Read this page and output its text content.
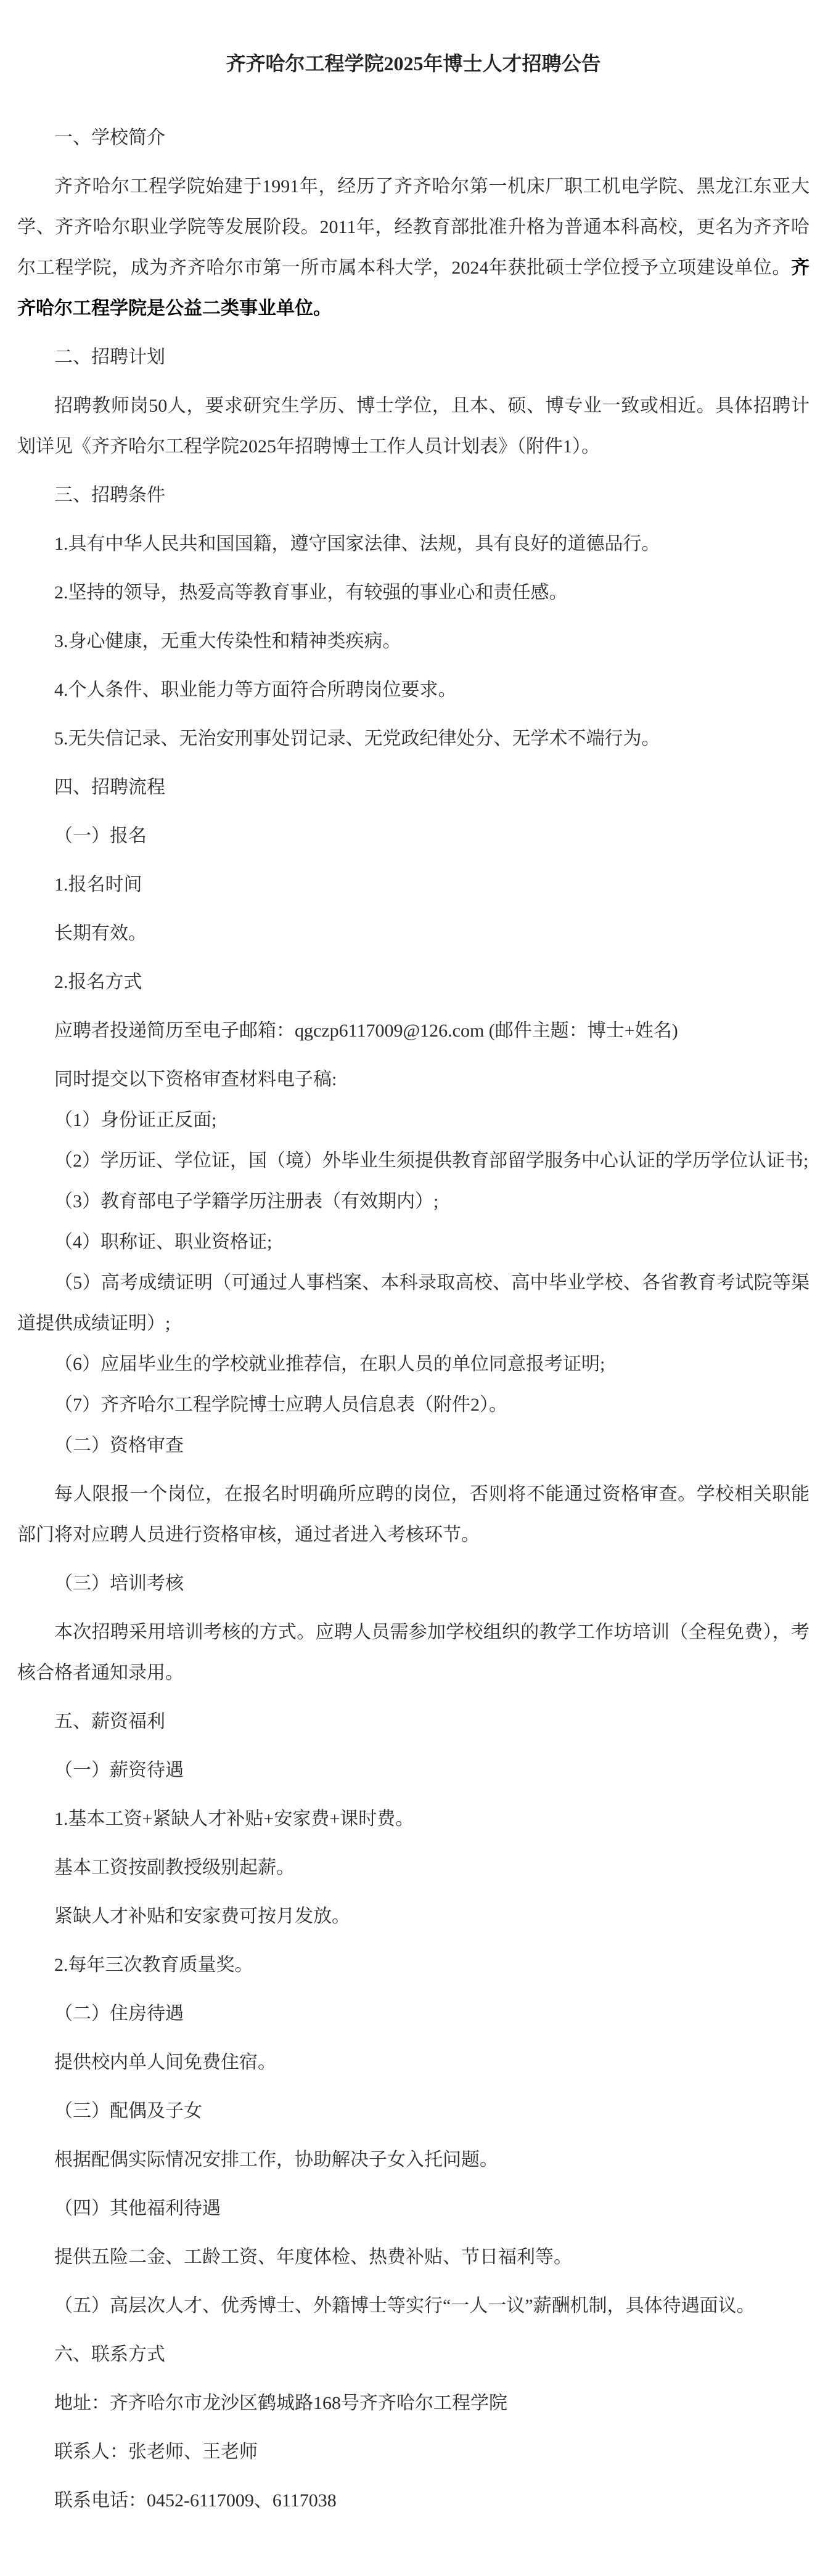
齐齐哈尔工程学院2025年博士人才招聘公告

一、学校简介

齐齐哈尔工程学院始建于1991年，经历了齐齐哈尔第一机床厂职工机电学院、黑龙江东亚大学、齐齐哈尔职业学院等发展阶段。2011年，经教育部批准升格为普通本科高校，更名为齐齐哈尔工程学院，成为齐齐哈尔市第一所市属本科大学，2024年获批硕士学位授予立项建设单位。齐齐哈尔工程学院是公益二类事业单位。

二、招聘计划

招聘教师岗50人，要求研究生学历、博士学位，且本、硕、博专业一致或相近。具体招聘计划详见《齐齐哈尔工程学院2025年招聘博士工作人员计划表》（附件1）。

三、招聘条件

1.具有中华人民共和国国籍，遵守国家法律、法规，具有良好的道德品行。

2.坚持的领导，热爱高等教育事业，有较强的事业心和责任感。

3.身心健康，无重大传染性和精神类疾病。

4.个人条件、职业能力等方面符合所聘岗位要求。

5.无失信记录、无治安刑事处罚记录、无党政纪律处分、无学术不端行为。

四、招聘流程

（一）报名

1.报名时间

长期有效。

2.报名方式

应聘者投递简历至电子邮箱：qgczp6117009@126.com (邮件主题：博士+姓名)

同时提交以下资格审查材料电子稿:

（1）身份证正反面;

（2）学历证、学位证，国（境）外毕业生须提供教育部留学服务中心认证的学历学位认证书;

（3）教育部电子学籍学历注册表（有效期内）;

（4）职称证、职业资格证;

（5）高考成绩证明（可通过人事档案、本科录取高校、高中毕业学校、各省教育考试院等渠道提供成绩证明）;

（6）应届毕业生的学校就业推荐信，在职人员的单位同意报考证明;

（7）齐齐哈尔工程学院博士应聘人员信息表（附件2）。

（二）资格审查

每人限报一个岗位，在报名时明确所应聘的岗位，否则将不能通过资格审查。学校相关职能部门将对应聘人员进行资格审核，通过者进入考核环节。

（三）培训考核

本次招聘采用培训考核的方式。应聘人员需参加学校组织的教学工作坊培训（全程免费），考核合格者通知录用。

五、薪资福利

（一）薪资待遇

1.基本工资+紧缺人才补贴+安家费+课时费。

基本工资按副教授级别起薪。

紧缺人才补贴和安家费可按月发放。

2.每年三次教育质量奖。

（二）住房待遇

提供校内单人间免费住宿。

（三）配偶及子女

根据配偶实际情况安排工作，协助解决子女入托问题。

（四）其他福利待遇

提供五险二金、工龄工资、年度体检、热费补贴、节日福利等。

（五）高层次人才、优秀博士、外籍博士等实行“一人一议”薪酬机制，具体待遇面议。

六、联系方式

地址：齐齐哈尔市龙沙区鹤城路168号齐齐哈尔工程学院

联系人：张老师、王老师

联系电话：0452-6117009、6117038
